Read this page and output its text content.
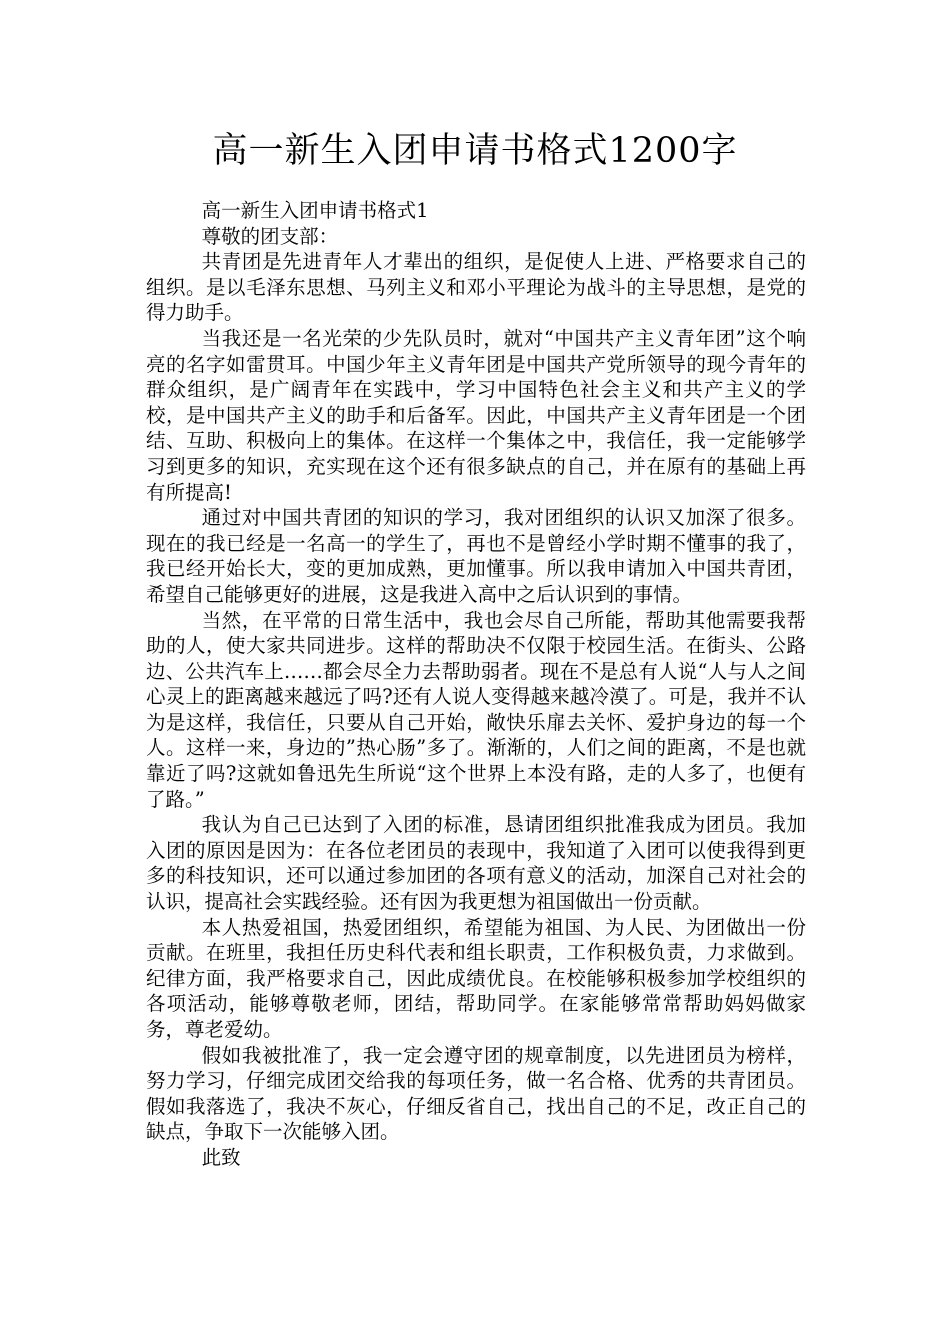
高一新生入团申请书格式1200字

高一新生入团申请书格式1

尊敬的团支部：

共青团是先进青年人才辈出的组织，是促使人上进、严格要求自己的组织。是以毛泽东思想、马列主义和邓小平理论为战斗的主导思想，是党的得力助手。

当我还是一名光荣的少先队员时，就对“中国共产主义青年团”这个响亮的名字如雷贯耳。中国少年主义青年团是中国共产党所领导的现今青年的群众组织，是广阔青年在实践中，学习中国特色社会主义和共产主义的学校，是中国共产主义的助手和后备军。因此，中国共产主义青年团是一个团结、互助、积极向上的集体。在这样一个集体之中，我信任，我一定能够学习到更多的知识，充实现在这个还有很多缺点的自己，并在原有的基础上再有所提高!

通过对中国共青团的知识的学习，我对团组织的认识又加深了很多。现在的我已经是一名高一的学生了，再也不是曾经小学时期不懂事的我了，我已经开始长大，变的更加成熟，更加懂事。所以我申请加入中国共青团，希望自己能够更好的进展，这是我进入高中之后认识到的事情。

当然，在平常的日常生活中，我也会尽自己所能，帮助其他需要我帮助的人，使大家共同进步。这样的帮助决不仅限于校园生活。在街头、公路边、公共汽车上……都会尽全力去帮助弱者。现在不是总有人说“人与人之间心灵上的距离越来越远了吗?还有人说人变得越来越冷漠了。可是，我并不认为是这样，我信任，只要从自己开始，敞快乐扉去关怀、爱护身边的每一个人。这样一来，身边的”热心肠”多了。渐渐的，人们之间的距离，不是也就靠近了吗?这就如鲁迅先生所说“这个世界上本没有路，走的人多了，也便有了路。”

我认为自己已达到了入团的标准，恳请团组织批准我成为团员。我加入团的原因是因为：在各位老团员的表现中，我知道了入团可以使我得到更多的科技知识，还可以通过参加团的各项有意义的活动，加深自己对社会的认识，提高社会实践经验。还有因为我更想为祖国做出一份贡献。

本人热爱祖国，热爱团组织，希望能为祖国、为人民、为团做出一份贡献。在班里，我担任历史科代表和组长职责，工作积极负责，力求做到。纪律方面，我严格要求自己，因此成绩优良。在校能够积极参加学校组织的各项活动，能够尊敬老师，团结，帮助同学。在家能够常常帮助妈妈做家务，尊老爱幼。

假如我被批准了，我一定会遵守团的规章制度，以先进团员为榜样，努力学习，仔细完成团交给我的每项任务，做一名合格、优秀的共青团员。假如我落选了，我决不灰心，仔细反省自己，找出自己的不足，改正自己的缺点，争取下一次能够入团。

此致
